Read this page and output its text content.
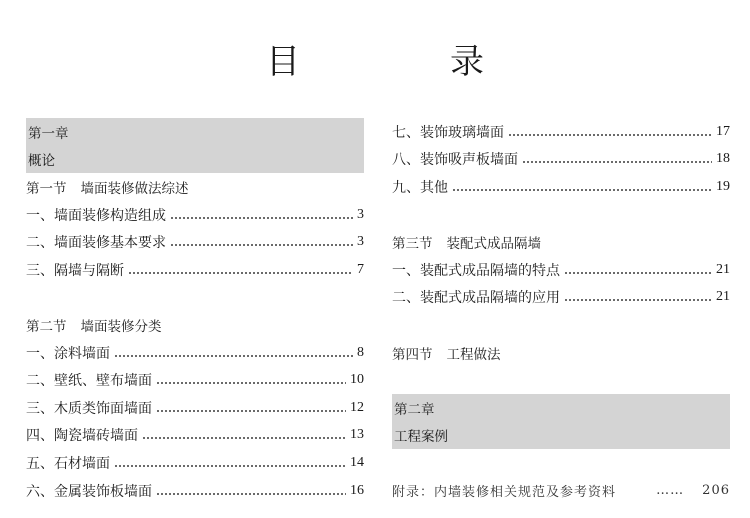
目　录
第一章
概论
第一节 墙面装修做法综述
一、墙面装修构造组成	3
二、墙面装修基本要求	3
三、隔墙与隔断	7
第二节 墙面装修分类
一、涂料墙面	8
二、壁纸、壁布墙面	10
三、木质类饰面墙面	12
四、陶瓷墙砖墙面	13
五、石材墙面	14
六、金属装饰板墙面	16
七、装饰玻璃墙面	17
八、装饰吸声板墙面	18
九、其他	19
第三节 装配式成品隔墙
一、装配式成品隔墙的特点	21
二、装配式成品隔墙的应用	21
第四节 工程做法
第二章
工程案例
附录：内墙装修相关规范及参考资料	…… 206
